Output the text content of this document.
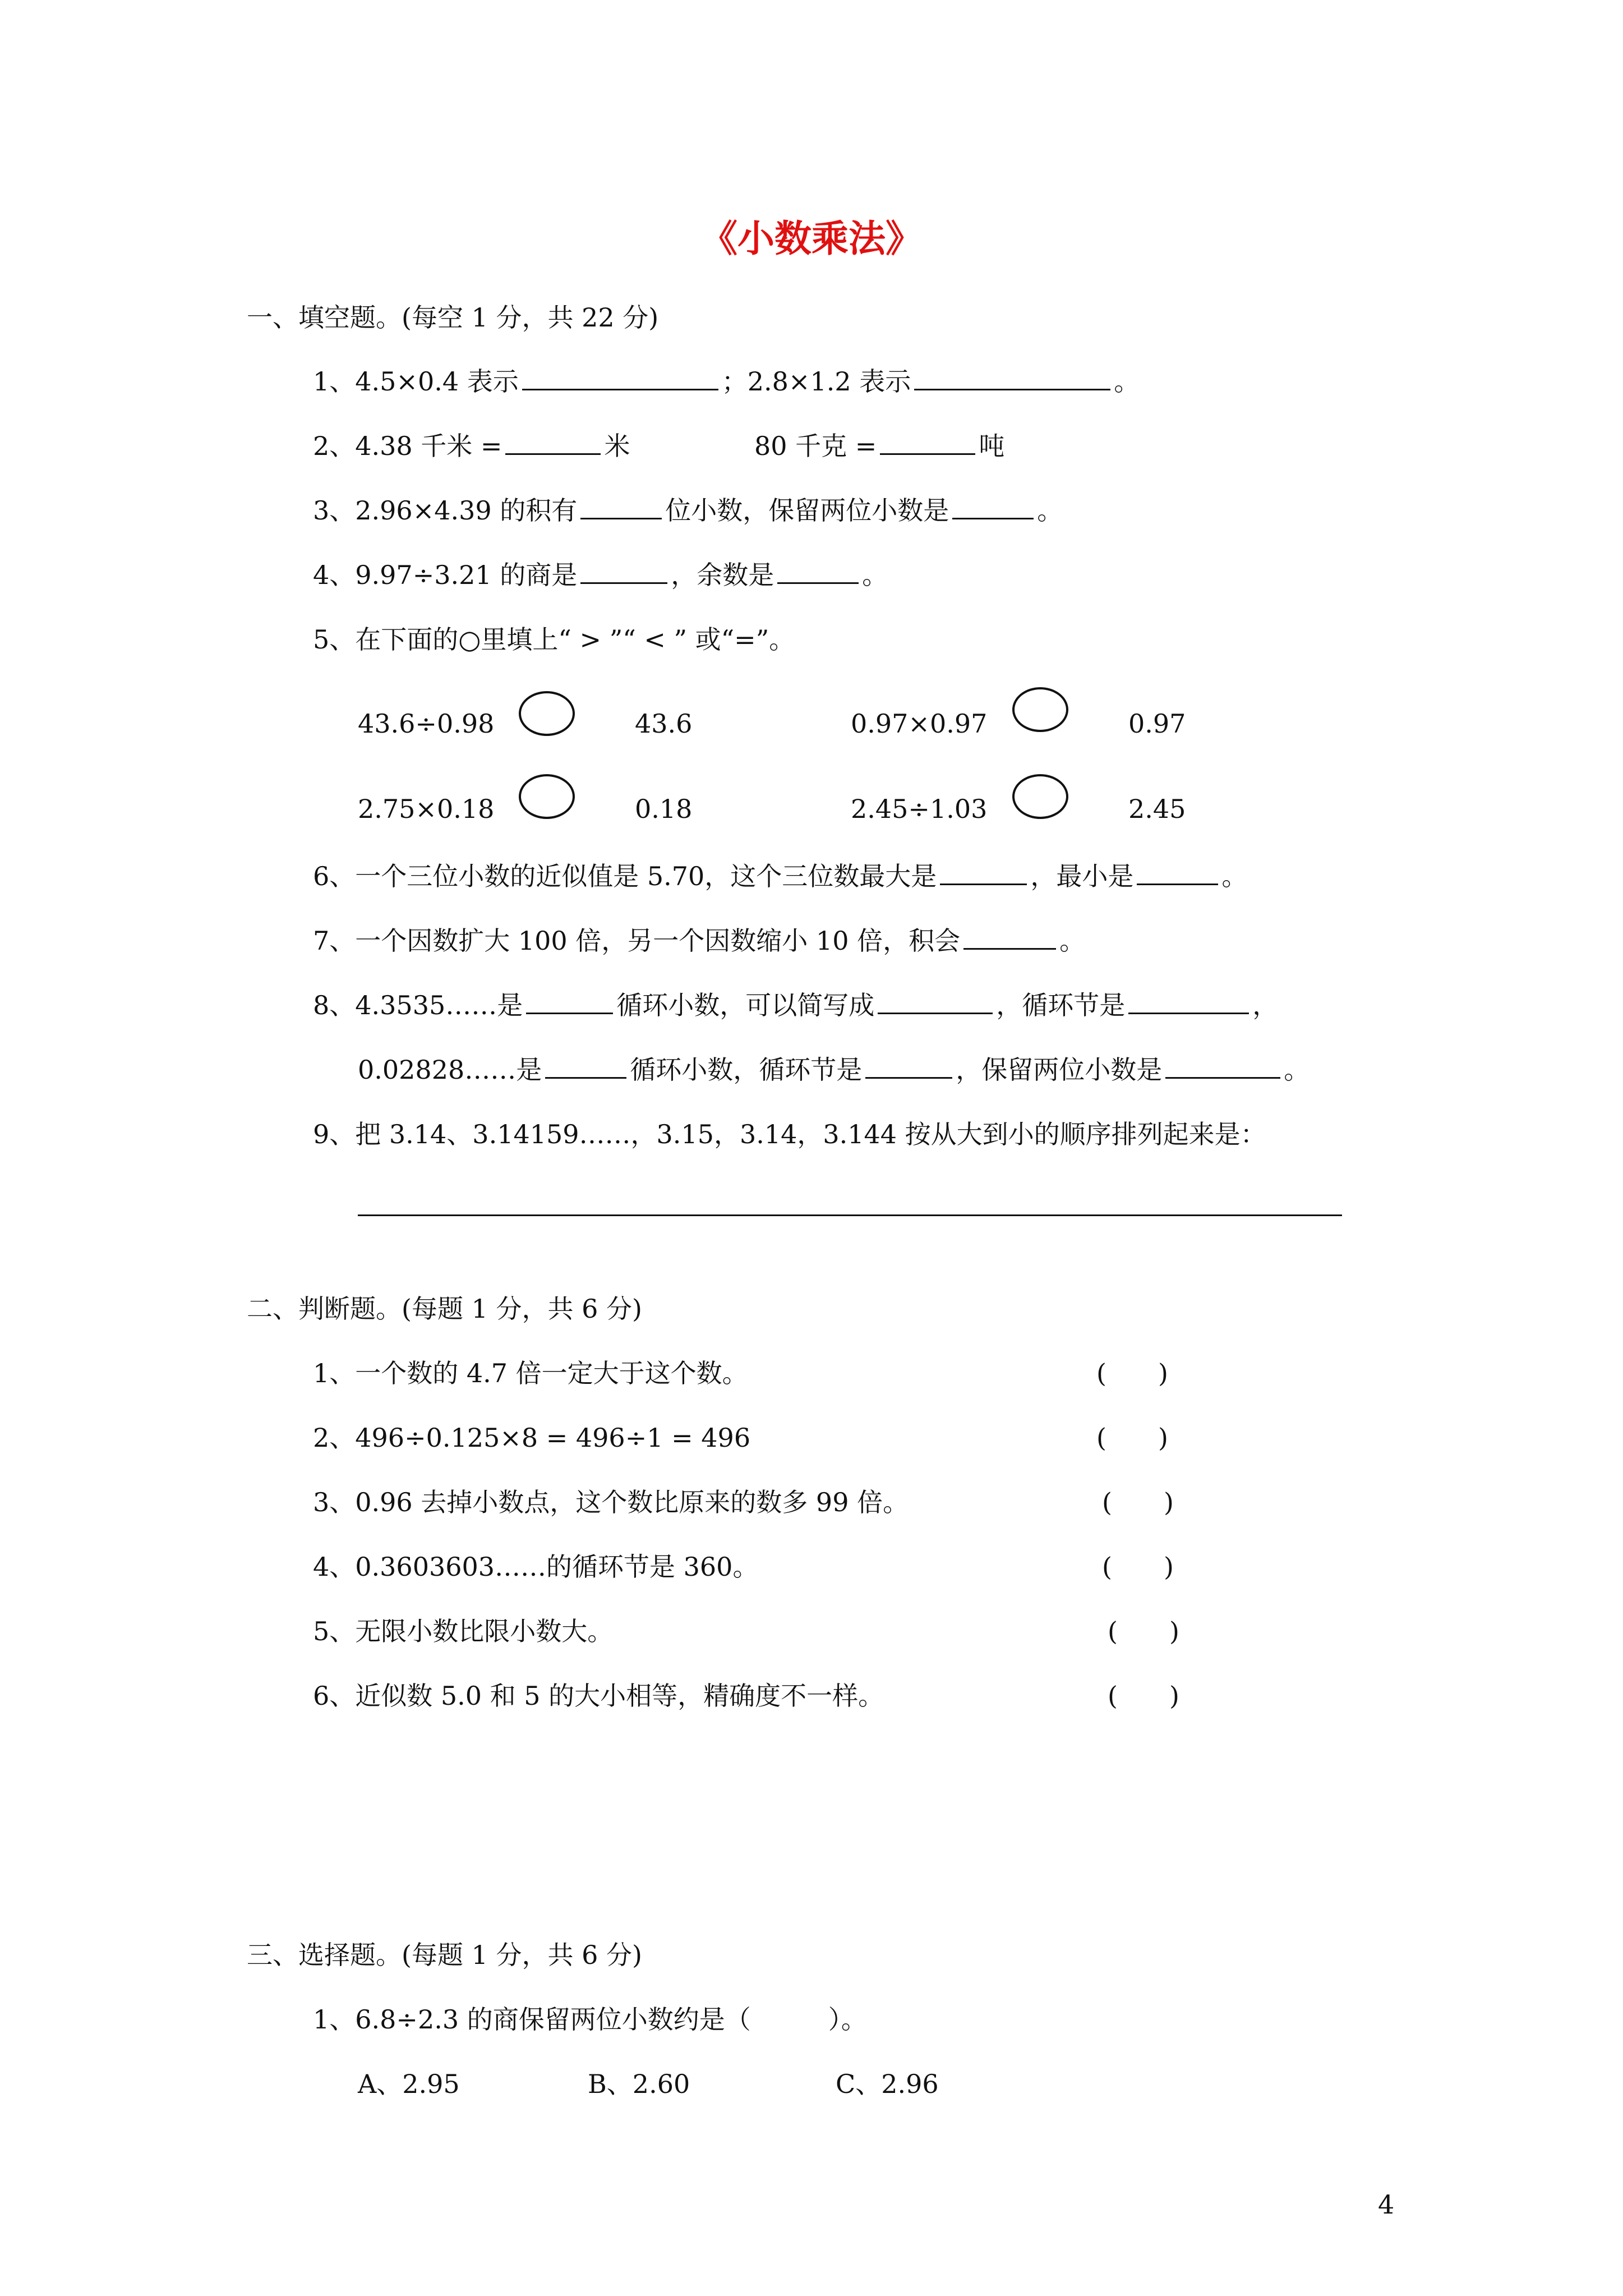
《小数乘法》
一、填空题。(每空 1 分，共 22 分)
1、4.5×0.4 表示	；2.8×1.2 表示	。
2、4.38 千米 =	米	80 千克 =	吨
3、2.96×4.39 的积有	位小数，保留两位小数是	。
4、9.97÷3.21 的商是	，余数是	。
5、在下面的○里填上“ > ”“ < ” 或“=”。
43.6÷0.98	43.6	0.97×0.97	0.97
2.75×0.18	0.18	2.45÷1.03	2.45
6、一个三位小数的近似值是 5.70，这个三位数最大是	，最小是	。
7、一个因数扩大 100 倍，另一个因数缩小 10 倍，积会	。
8、4.3535……是	循环小数，可以简写成	，循环节是	，
0.02828……是	循环小数，循环节是	，保留两位小数是	。
9、把 3.14、3.14159……，3.15，3.14，3.144 按从大到小的顺序排列起来是：
二、判断题。(每题 1 分，共 6 分)
1、一个数的 4.7 倍一定大于这个数。	(　　)
2、496÷0.125×8 = 496÷1 = 496	(　　)
3、0.96 去掉小数点，这个数比原来的数多 99 倍。	(　　)
4、0.3603603……的循环节是 360。	(　　)
5、无限小数比限小数大。	(　　)
6、近似数 5.0 和 5 的大小相等，精确度不一样。	(　　)
三、选择题。(每题 1 分，共 6 分)
1、6.8÷2.3 的商保留两位小数约是（　　　）。
A、2.95	B、2.60	C、2.96
4
